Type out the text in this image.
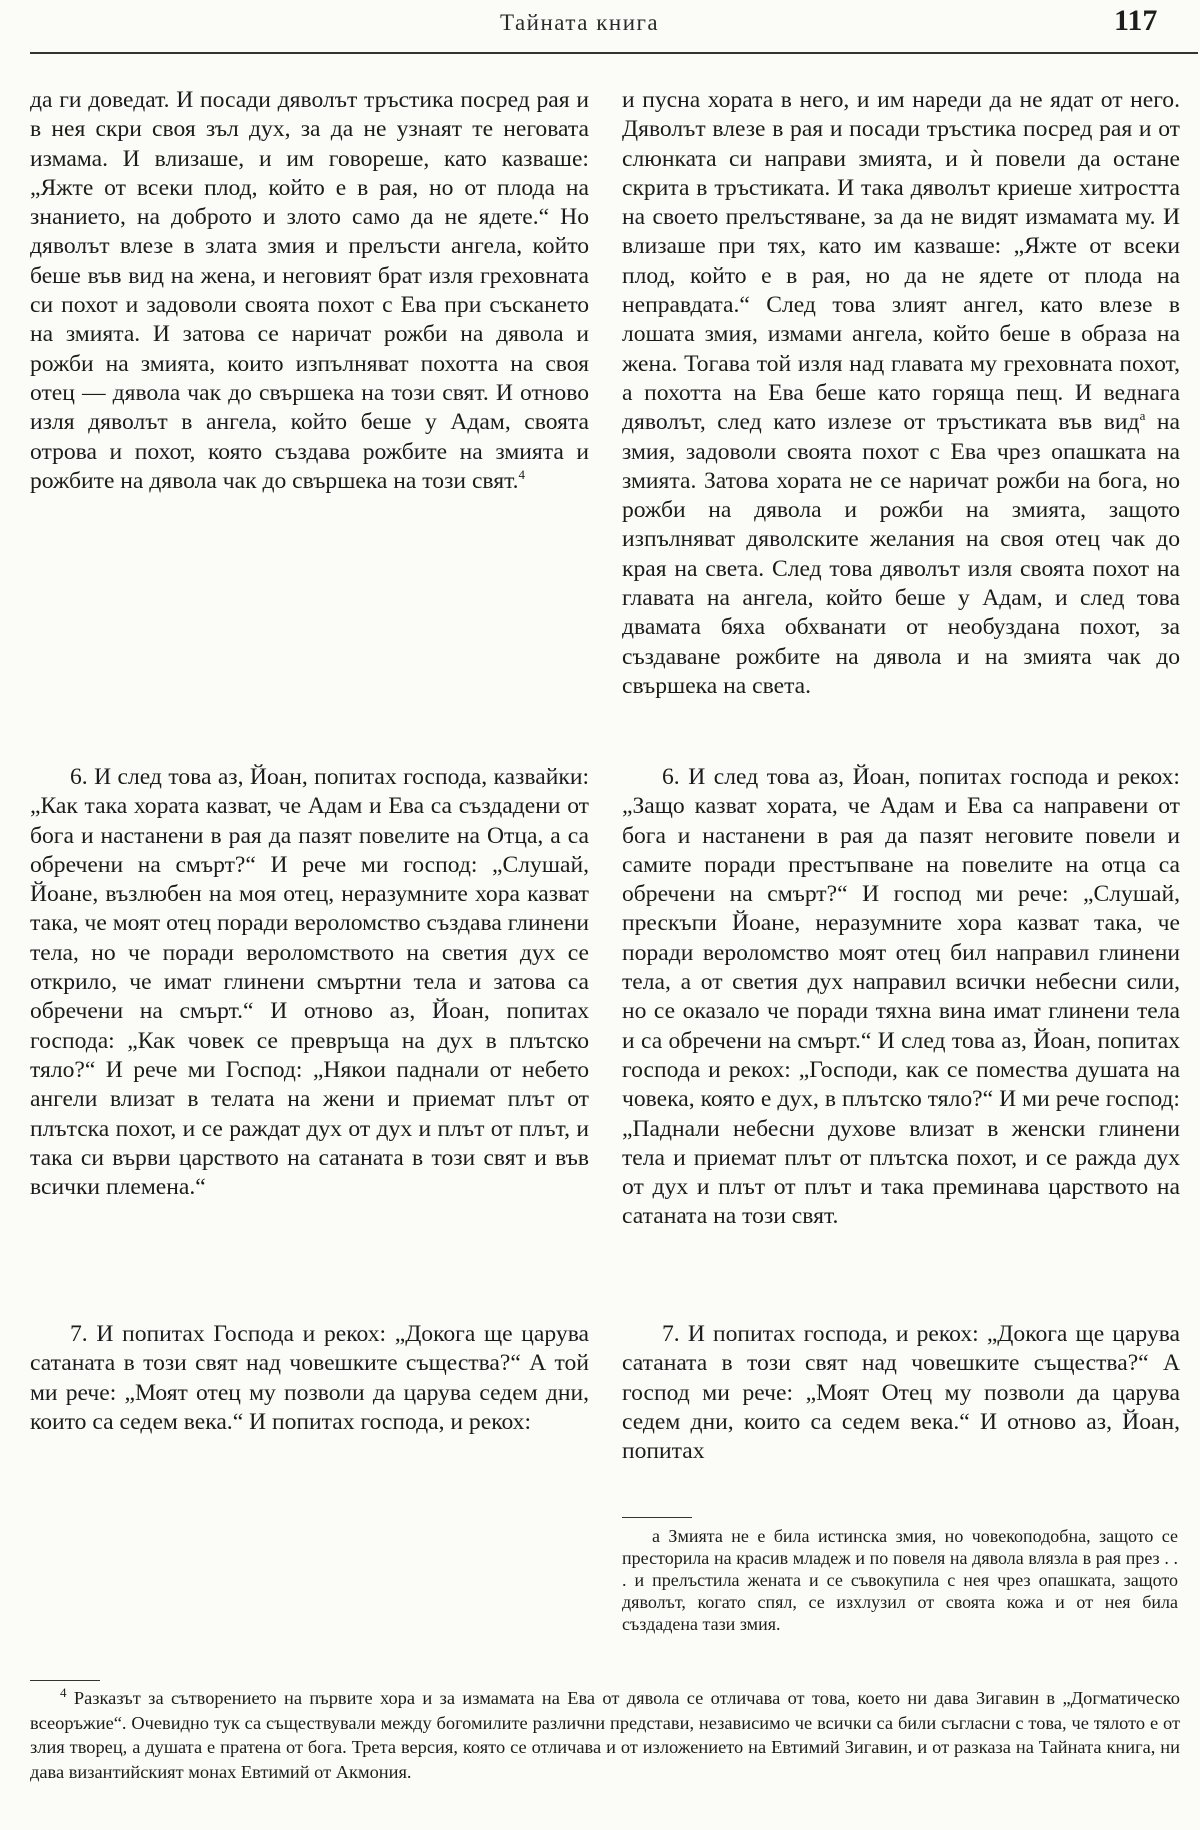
Тайната книга	117

да ги доведат. И посади дяволът тръстика посред рая и в нея скри своя зъл дух, за да не узнаят те неговата измама. И влизаше, и им говореше, като казваше: „Яжте от всеки плод, който е в рая, но от плода на знанието, на доброто и злото само да не ядете.“ Но дяволът влезе в злата змия и прелъсти ангела, който беше във вид на жена, и неговият брат изля греховната си похот и задоволи своята похот с Ева при съскането на змията. И затова се наричат рожби на дявола и рожби на змията, които изпълняват похотта на своя отец — дявола чак до свършека на този свят. И отново изля дяволът в ангела, който беше у Адам, своята отрова и похот, която създава рожбите на змията и рожбите на дявола чак до свършека на този свят.$^4$

6. И след това аз, Йоан, попитах господа, казвайки: „Как така хората казват, че Адам и Ева са създадени от бога и настанени в рая да пазят повелите на Отца, а са обречени на смърт?“ И рече ми господ: „Слушай, Йоане, възлюбен на моя отец, неразумните хора казват така, че моят отец поради вероломство създава глинени тела, но че поради вероломството на светия дух се открило, че имат глинени смъртни тела и затова са обречени на смърт.“ И отново аз, Йоан, попитах господа: „Как човек се превръща на дух в плътско тяло?“ И рече ми Господ: „Някои паднали от небето ангели влизат в телата на жени и приемат плът от плътска похот, и се раждат дух от дух и плът от плът, и така си върви царството на сатаната в този свят и във всички племена.“

7. И попитах Господа и рекох: „Докога ще царува сатаната в този свят над човешките същества?“ А той ми рече: „Моят отец му позволи да царува седем дни, които са седем века.“ И попитах господа, и рекох:

и пусна хората в него, и им нареди да не ядат от него. Дяволът влезе в рая и посади тръстика посред рая и от слюнката си направи змията, и ѝ повели да остане скрита в тръстиката. И така дяволът криеше хитростта на своето прелъстяване, за да не видят измамата му. И влизаше при тях, като им казваше: „Яжте от всеки плод, който е в рая, но да не ядете от плода на неправдата.“ След това злият ангел, като влезе в лошата змия, измами ангела, който беше в образа на жена. Тогава той изля над главата му греховната похот, а похотта на Ева беше като горяща пещ. И веднага дяволът, след като излезе от тръстиката във вид$^а$ на змия, задоволи своята похот с Ева чрез опашката на змията. Затова хората не се наричат рожби на бога, но рожби на дявола и рожби на змията, защото изпълняват дяволските желания на своя отец чак до края на света. След това дяволът изля своята похот на главата на ангела, който беше у Адам, и след това двамата бяха обхванати от необуздана похот, за създаване рожбите на дявола и на змията чак до свършека на света.

6. И след това аз, Йоан, попитах господа и рекох: „Защо казват хората, че Адам и Ева са направени от бога и настанени в рая да пазят неговите повели и самите поради престъпване на повелите на отца са обречени на смърт?“ И господ ми рече: „Слушай, прескъпи Йоане, неразумните хора казват така, че поради вероломство моят отец бил направил глинени тела, а от светия дух направил всички небесни сили, но се оказало че поради тяхна вина имат глинени тела и са обречени на смърт.“ И след това аз, Йоан, попитах господа и рекох: „Господи, как се помества душата на човека, която е дух, в плътско тяло?“ И ми рече господ: „Паднали небесни духове влизат в женски глинени тела и приемат плът от плътска похот, и се ражда дух от дух и плът от плът и така преминава царството на сатаната на този свят.

7. И попитах господа, и рекох: „Докога ще царува сатаната в този свят над човешките същества?“ А господ ми рече: „Моят Отец му позволи да царува седем дни, които са седем века.“ И отново аз, Йоан, попитах

а Змията не е била истинска змия, но човекоподобна, защото се престорила на красив младеж и по повеля на дявола влязла в рая през . . . и прелъстила жената и се съвокупила с нея чрез опашката, защото дяволът, когато спял, се изхлузил от своята кожа и от нея била създадена тази змия.

$^4$ Разказът за сътворението на първите хора и за измамата на Ева от дявола се отличава от това, което ни дава Зигавин в „Догматическо всеоръжие“. Очевидно тук са съществували между богомилите различни представи, независимо че всички са били съгласни с това, че тялото е от злия творец, а душата е пратена от бога. Трета версия, която се отличава и от изложението на Евтимий Зигавин, и от разказа на Тайната книга, ни дава византийският монах Евтимий от Акмония.
